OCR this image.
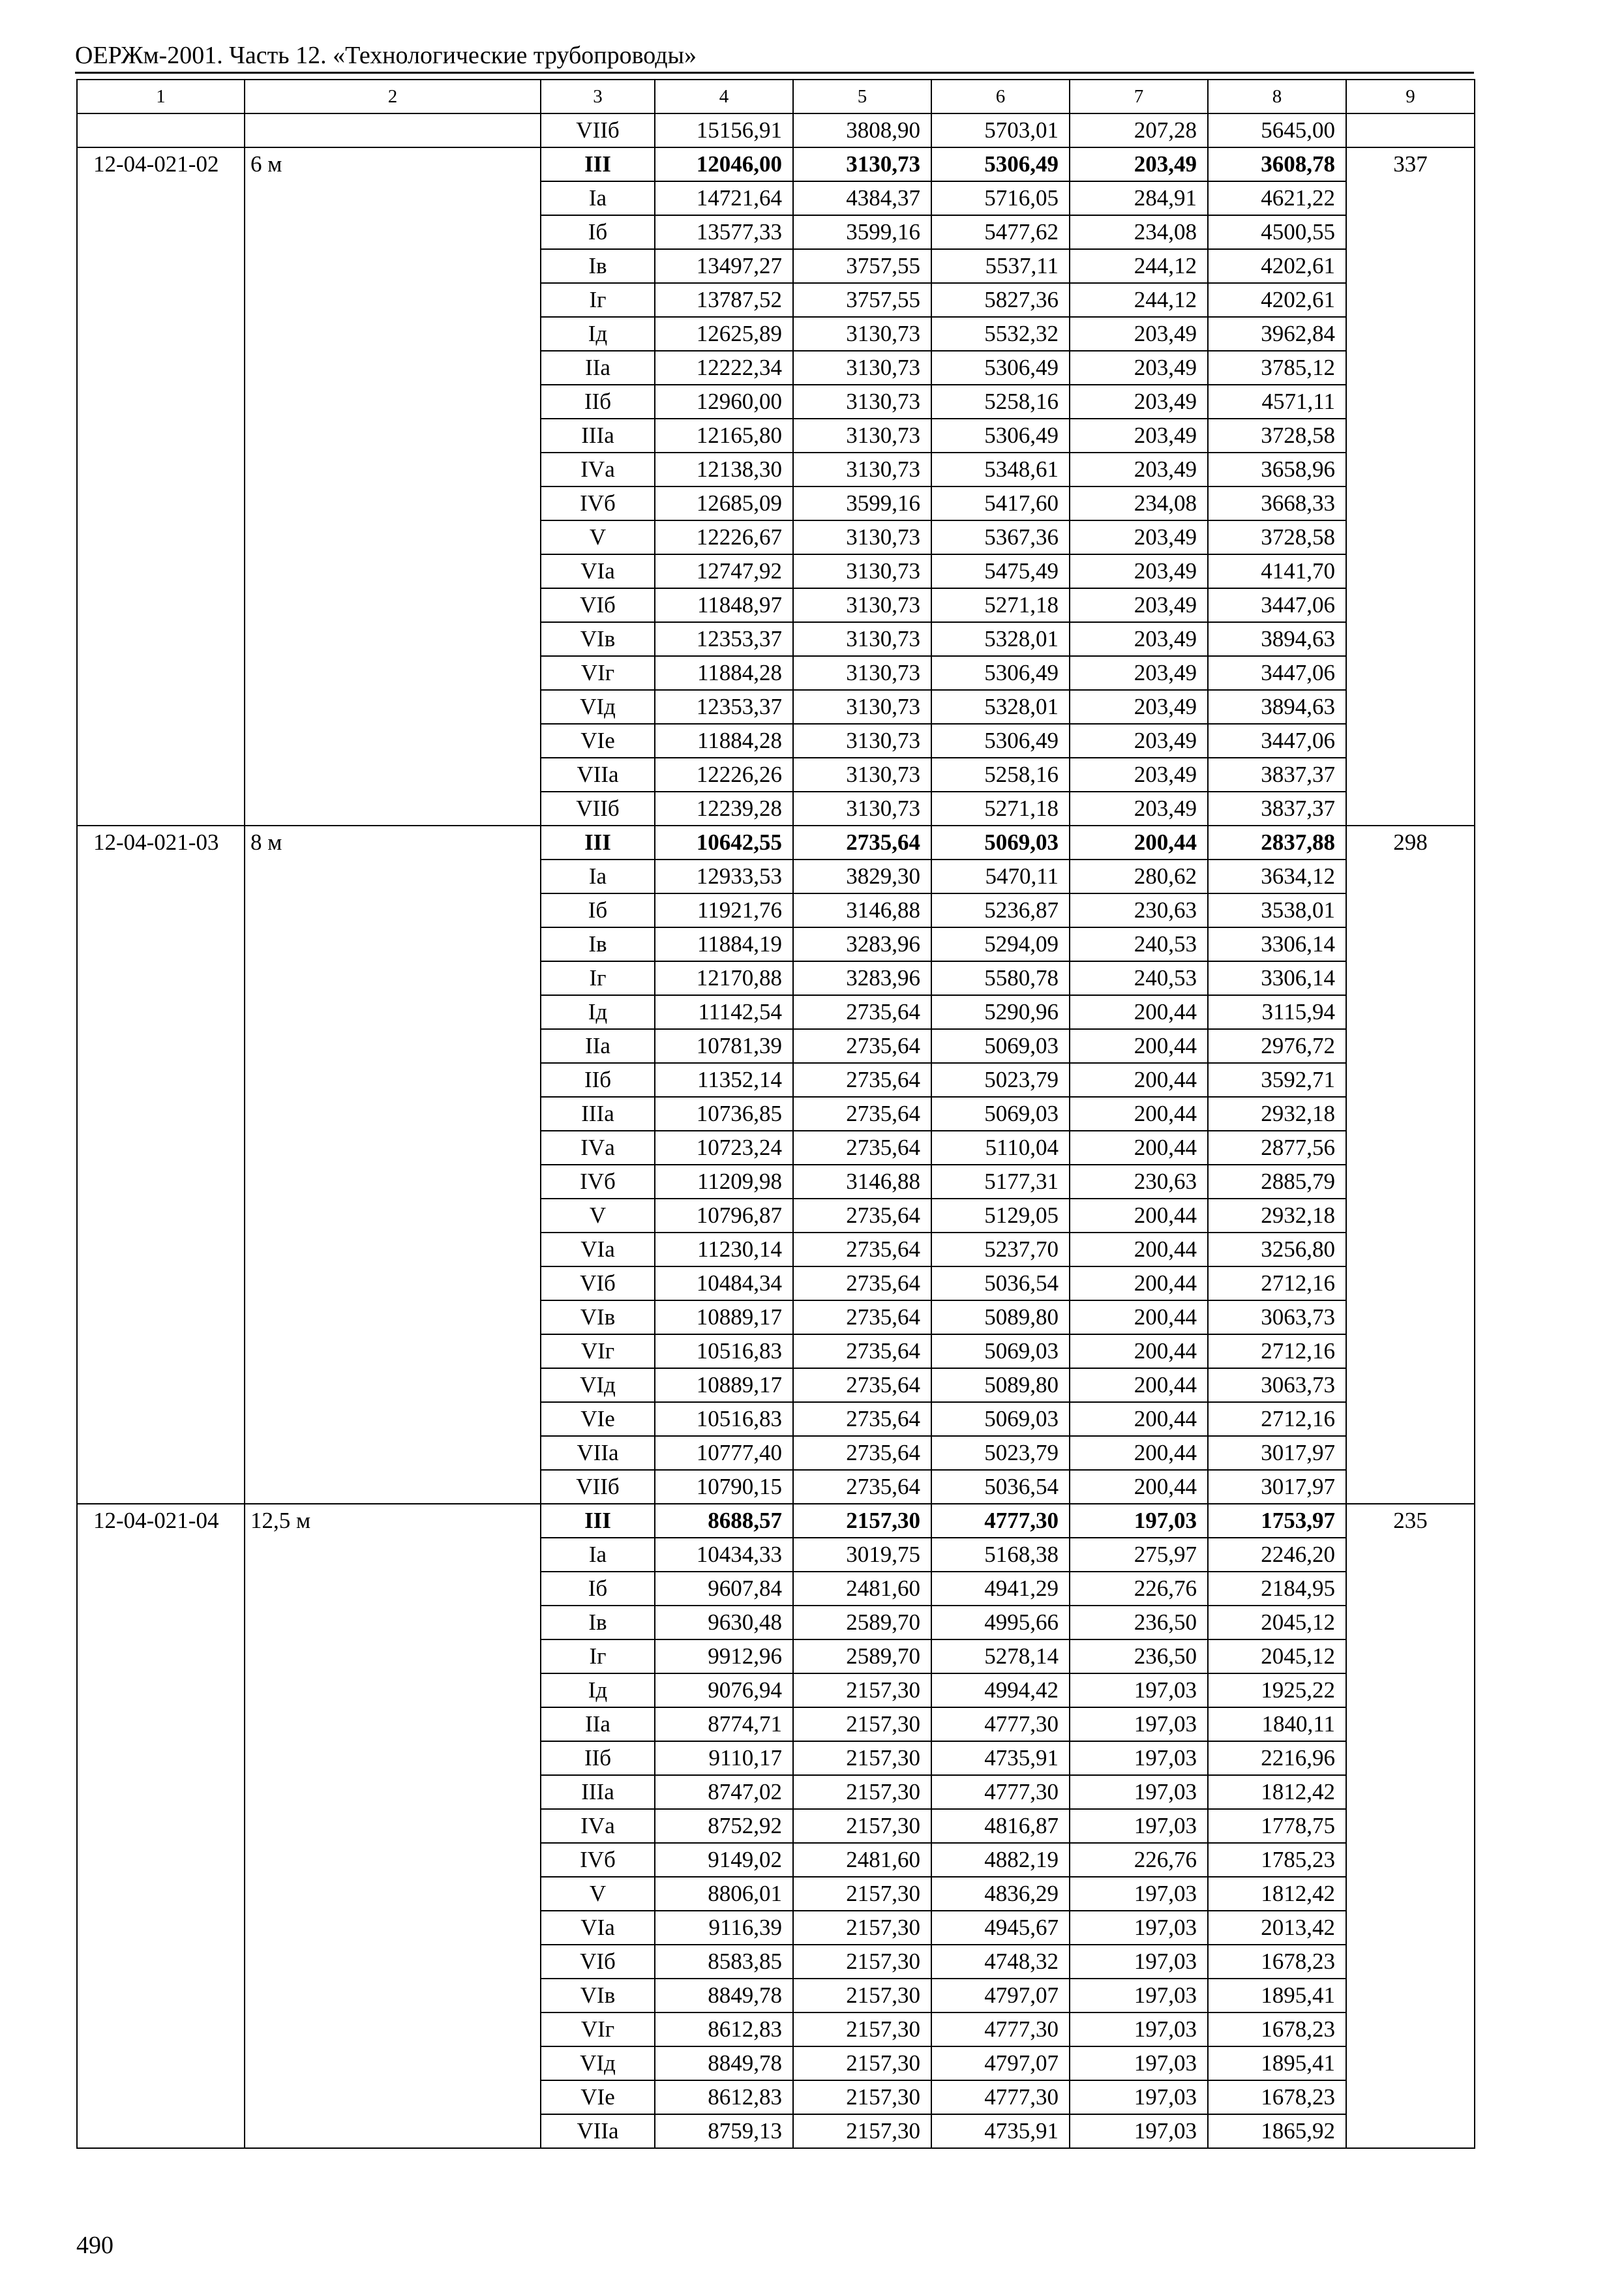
ОЕРЖм-2001. Часть 12. «Технологические трубопроводы»
1	2	3	4	5	6	7	8	9
		VIIб	15156,91	3808,90	5703,01	207,28	5645,00	
12-04-021-02	6 м	III	12046,00	3130,73	5306,49	203,49	3608,78	337
		Iа	14721,64	4384,37	5716,05	284,91	4621,22	
		Iб	13577,33	3599,16	5477,62	234,08	4500,55	
		Iв	13497,27	3757,55	5537,11	244,12	4202,61	
		Iг	13787,52	3757,55	5827,36	244,12	4202,61	
		Iд	12625,89	3130,73	5532,32	203,49	3962,84	
		IIа	12222,34	3130,73	5306,49	203,49	3785,12	
		IIб	12960,00	3130,73	5258,16	203,49	4571,11	
		IIIа	12165,80	3130,73	5306,49	203,49	3728,58	
		IVа	12138,30	3130,73	5348,61	203,49	3658,96	
		IVб	12685,09	3599,16	5417,60	234,08	3668,33	
		V	12226,67	3130,73	5367,36	203,49	3728,58	
		VIа	12747,92	3130,73	5475,49	203,49	4141,70	
		VIб	11848,97	3130,73	5271,18	203,49	3447,06	
		VIв	12353,37	3130,73	5328,01	203,49	3894,63	
		VIг	11884,28	3130,73	5306,49	203,49	3447,06	
		VIд	12353,37	3130,73	5328,01	203,49	3894,63	
		VIе	11884,28	3130,73	5306,49	203,49	3447,06	
		VIIа	12226,26	3130,73	5258,16	203,49	3837,37	
		VIIб	12239,28	3130,73	5271,18	203,49	3837,37	
12-04-021-03	8 м	III	10642,55	2735,64	5069,03	200,44	2837,88	298
		Iа	12933,53	3829,30	5470,11	280,62	3634,12	
		Iб	11921,76	3146,88	5236,87	230,63	3538,01	
		Iв	11884,19	3283,96	5294,09	240,53	3306,14	
		Iг	12170,88	3283,96	5580,78	240,53	3306,14	
		Iд	11142,54	2735,64	5290,96	200,44	3115,94	
		IIа	10781,39	2735,64	5069,03	200,44	2976,72	
		IIб	11352,14	2735,64	5023,79	200,44	3592,71	
		IIIа	10736,85	2735,64	5069,03	200,44	2932,18	
		IVа	10723,24	2735,64	5110,04	200,44	2877,56	
		IVб	11209,98	3146,88	5177,31	230,63	2885,79	
		V	10796,87	2735,64	5129,05	200,44	2932,18	
		VIа	11230,14	2735,64	5237,70	200,44	3256,80	
		VIб	10484,34	2735,64	5036,54	200,44	2712,16	
		VIв	10889,17	2735,64	5089,80	200,44	3063,73	
		VIг	10516,83	2735,64	5069,03	200,44	2712,16	
		VIд	10889,17	2735,64	5089,80	200,44	3063,73	
		VIе	10516,83	2735,64	5069,03	200,44	2712,16	
		VIIа	10777,40	2735,64	5023,79	200,44	3017,97	
		VIIб	10790,15	2735,64	5036,54	200,44	3017,97	
12-04-021-04	12,5 м	III	8688,57	2157,30	4777,30	197,03	1753,97	235
		Iа	10434,33	3019,75	5168,38	275,97	2246,20	
		Iб	9607,84	2481,60	4941,29	226,76	2184,95	
		Iв	9630,48	2589,70	4995,66	236,50	2045,12	
		Iг	9912,96	2589,70	5278,14	236,50	2045,12	
		Iд	9076,94	2157,30	4994,42	197,03	1925,22	
		IIа	8774,71	2157,30	4777,30	197,03	1840,11	
		IIб	9110,17	2157,30	4735,91	197,03	2216,96	
		IIIа	8747,02	2157,30	4777,30	197,03	1812,42	
		IVа	8752,92	2157,30	4816,87	197,03	1778,75	
		IVб	9149,02	2481,60	4882,19	226,76	1785,23	
		V	8806,01	2157,30	4836,29	197,03	1812,42	
		VIа	9116,39	2157,30	4945,67	197,03	2013,42	
		VIб	8583,85	2157,30	4748,32	197,03	1678,23	
		VIв	8849,78	2157,30	4797,07	197,03	1895,41	
		VIг	8612,83	2157,30	4777,30	197,03	1678,23	
		VIд	8849,78	2157,30	4797,07	197,03	1895,41	
		VIе	8612,83	2157,30	4777,30	197,03	1678,23	
		VIIа	8759,13	2157,30	4735,91	197,03	1865,92	
490
